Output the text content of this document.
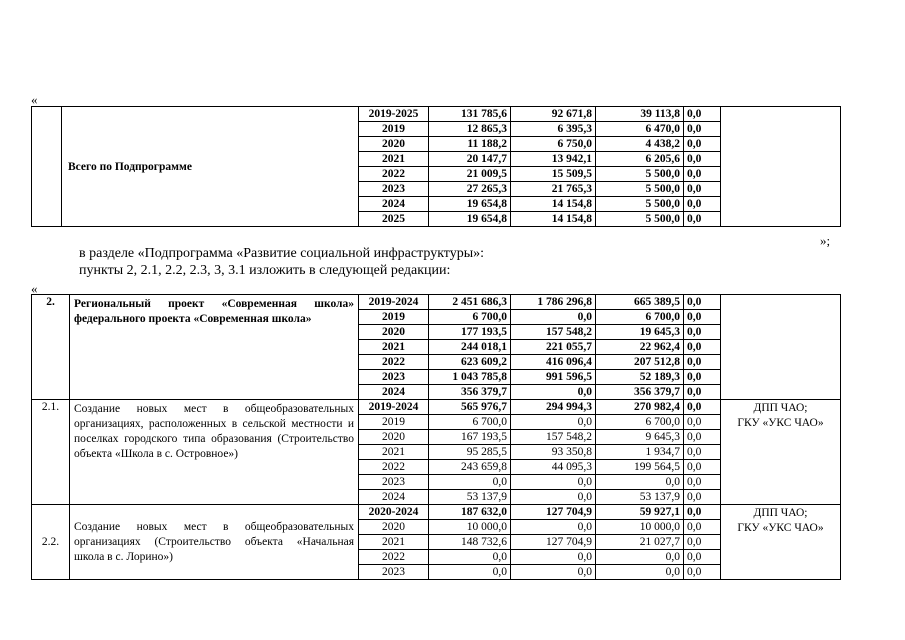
«
	Всего по Подпрограмме	2019-2025	131 785,6	92 671,8	39 113,8	0,0	
		2019	12 865,3	6 395,3	6 470,0	0,0	
		2020	11 188,2	6 750,0	4 438,2	0,0	
		2021	20 147,7	13 942,1	6 205,6	0,0	
		2022	21 009,5	15 509,5	5 500,0	0,0	
		2023	27 265,3	21 765,3	5 500,0	0,0	
		2024	19 654,8	14 154,8	5 500,0	0,0	
		2025	19 654,8	14 154,8	5 500,0	0,0	
»;
в разделе «Подпрограмма «Развитие социальной инфраструктуры»:
пункты 2, 2.1, 2.2, 2.3, 3, 3.1 изложить в следующей редакции:
«
2.	Региональный проект «Современная школа» федерального проекта «Современная школа»	2019-2024	2 451 686,3	1 786 296,8	665 389,5	0,0	
		2019	6 700,0	0,0	6 700,0	0,0	
		2020	177 193,5	157 548,2	19 645,3	0,0	
		2021	244 018,1	221 055,7	22 962,4	0,0	
		2022	623 609,2	416 096,4	207 512,8	0,0	
		2023	1 043 785,8	991 596,5	52 189,3	0,0	
		2024	356 379,7	0,0	356 379,7	0,0	
2.1.	Создание новых мест в общеобразовательных организациях, расположенных в сельской местности и поселках городского типа образования (Строительство объекта «Школа в с. Островное»)	2019-2024	565 976,7	294 994,3	270 982,4	0,0	ДПП ЧАО;
ГКУ «УКС ЧАО»

		2019	6 700,0	0,0	6 700,0	0,0	
		2020	167 193,5	157 548,2	9 645,3	0,0	
		2021	95 285,5	93 350,8	1 934,7	0,0	
		2022	243 659,8	44 095,3	199 564,5	0,0	
		2023	0,0	0,0	0,0	0,0	
		2024	53 137,9	0,0	53 137,9	0,0	
2.2.	Создание новых мест в общеобразовательных организациях (Строительство объекта «Начальная школа в с. Лорино»)	2020-2024	187 632,0	127 704,9	59 927,1	0,0	ДПП ЧАО;
ГКУ «УКС ЧАО»

		2020	10 000,0	0,0	10 000,0	0,0	
		2021	148 732,6	127 704,9	21 027,7	0,0	
		2022	0,0	0,0	0,0	0,0	
		2023	0,0	0,0	0,0	0,0	
